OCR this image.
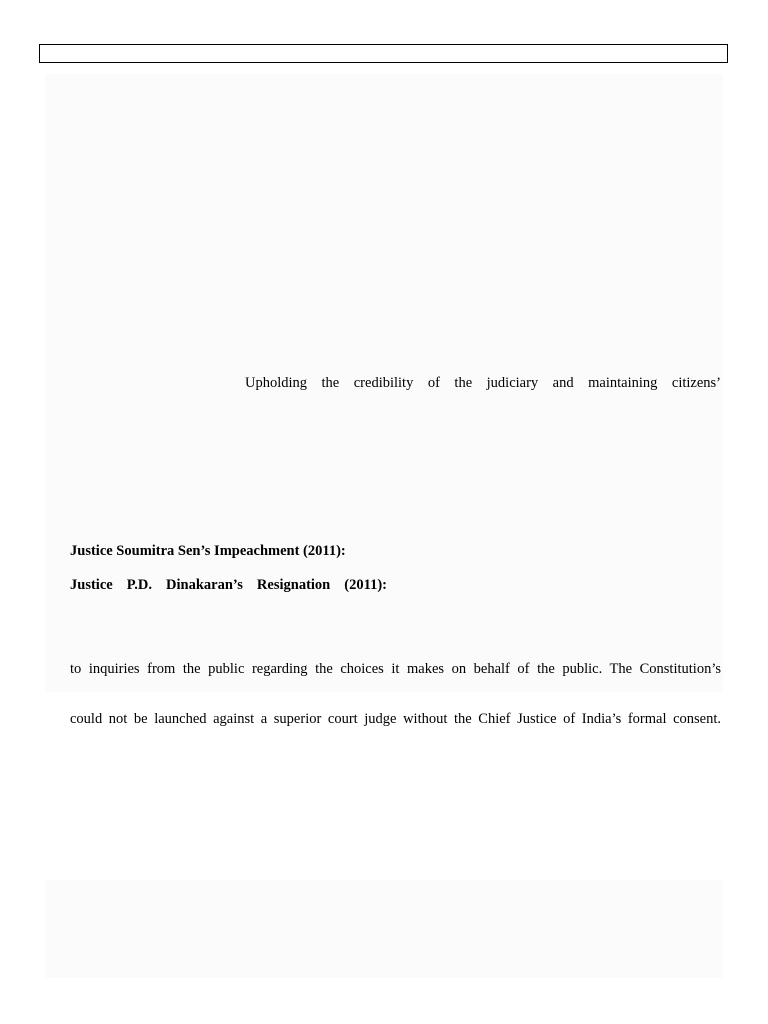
Upholding the credibility of the judiciary and maintaining citizens’
Justice Soumitra Sen’s Impeachment (2011):
Justice P.D. Dinakaran’s Resignation (2011):
to inquiries from the public regarding the choices it makes on behalf of the public. The Constitution’s
could not be launched against a superior court judge without the Chief Justice of India’s formal consent.
